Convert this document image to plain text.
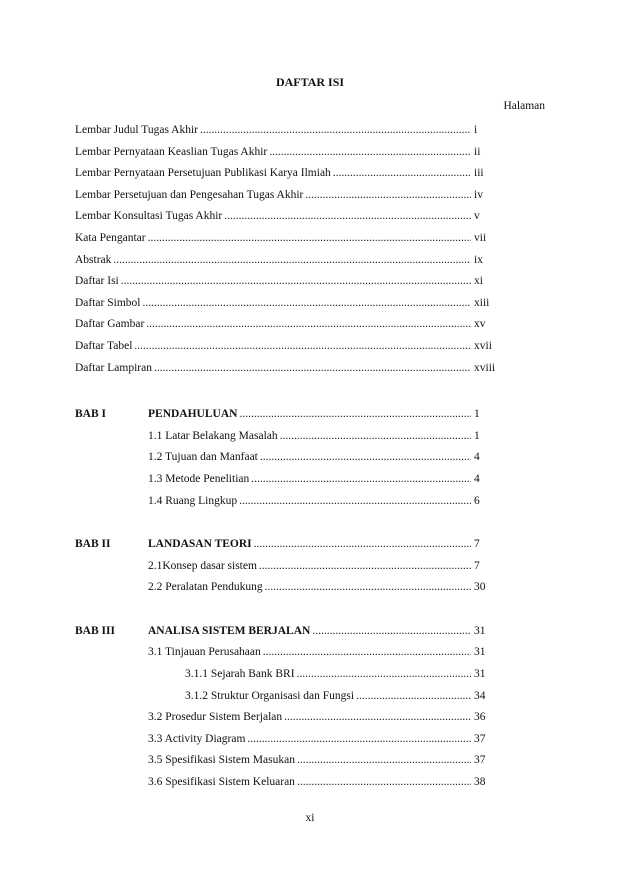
DAFTAR ISI
Halaman
Lembar Judul Tugas Akhir .....	i
Lembar Pernyataan Keaslian Tugas Akhir .....	ii
Lembar Pernyataan Persetujuan Publikasi Karya Ilmiah .....	iii
Lembar Persetujuan dan Pengesahan Tugas Akhir .....	iv
Lembar Konsultasi Tugas Akhir .....	v
Kata Pengantar .....	vii
Abstrak .....	ix
Daftar Isi .....	xi
Daftar Simbol .....	xiii
Daftar Gambar .....	xv
Daftar Tabel .....	xvii
Daftar Lampiran .....	xviii
BAB I	PENDAHULUAN .....	1
1.1 Latar Belakang Masalah .....	1
1.2 Tujuan dan Manfaat .....	4
1.3 Metode Penelitian .....	4
1.4 Ruang Lingkup .....	6
BAB II	LANDASAN TEORI .....	7
2.1Konsep dasar sistem .....	7
2.2 Peralatan Pendukung .....	30
BAB III	ANALISA SISTEM BERJALAN .....	31
3.1 Tinjauan Perusahaan .....	31
3.1.1 Sejarah Bank BRI .....	31
3.1.2 Struktur Organisasi dan Fungsi .....	34
3.2 Prosedur Sistem Berjalan .....	36
3.3 Activity Diagram .....	37
3.5 Spesifikasi Sistem Masukan .....	37
3.6 Spesifikasi Sistem Keluaran .....	38
xi
